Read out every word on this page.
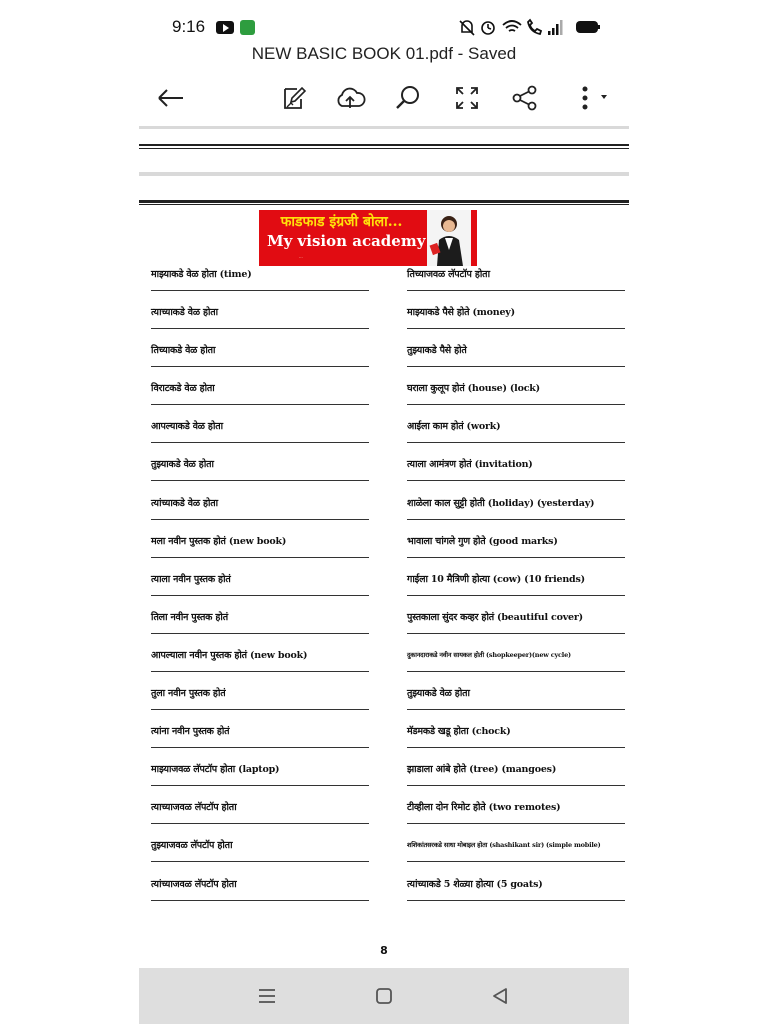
9:16
NEW BASIC BOOK 01.pdf - Saved
फाडफाड इंग्रजी बोला...
My vision academy
...
माझ्याकडे वेळ होता (time)
त्याच्याकडे वेळ होता
तिच्याकडे वेळ होता
विराटकडे वेळ होता
आपल्याकडे वेळ होता
तुझ्याकडे वेळ होता
त्यांच्याकडे वेळ होता
मला नवीन पुस्तक होतं (new book)
त्याला नवीन पुस्तक होतं
तिला नवीन पुस्तक होतं
आपल्याला नवीन पुस्तक होतं (new book)
तुला नवीन पुस्तक होतं
त्यांना नवीन पुस्तक होतं
माझ्याजवळ लॅपटॉप होता (laptop)
त्याच्याजवळ लॅपटॉप होता
तुझ्याजवळ लॅपटॉप होता
त्यांच्याजवळ लॅपटॉप होता
तिच्याजवळ लॅपटॉप होता
माझ्याकडे पैसे होते (money)
तुझ्याकडे पैसे होते
घराला कुलूप होतं (house) (lock)
आईला काम होतं (work)
त्याला आमंत्रण होतं (invitation)
शाळेला काल सुट्टी होती (holiday) (yesterday)
भावाला चांगले गुण होते (good marks)
गाईला 10 मैत्रिणी होत्या (cow) (10 friends)
पुस्तकाला सुंदर कव्हर होतं (beautiful cover)
दुकानदाराकडे नवीन सायकल होती (shopkeeper)(new cycle)
तुझ्याकडे वेळ होता
मॅडमकडे खडू होता (chock)
झाडाला आंबे होते (tree) (mangoes)
टीव्हीला दोन रिमोट होते (two remotes)
शशिकांतसरकडे साधा मोबाइल होता (shashikant sir) (simple mobile)
त्यांच्याकडे 5 शेळ्या होत्या (5 goats)
8
